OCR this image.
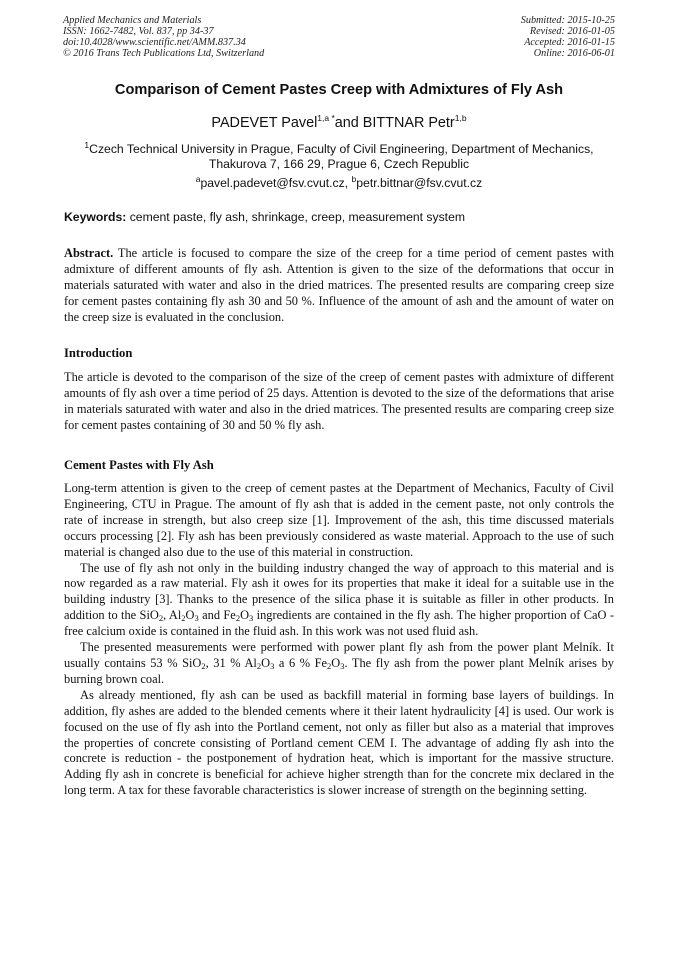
Applied Mechanics and Materials
ISSN: 1662-7482, Vol. 837, pp 34-37
doi:10.4028/www.scientific.net/AMM.837.34
© 2016 Trans Tech Publications Ltd, Switzerland
Submitted: 2015-10-25
Revised: 2016-01-05
Accepted: 2016-01-15
Online: 2016-06-01
Comparison of Cement Pastes Creep with Admixtures of Fly Ash
PADEVET Pavel$^{1,a *}$and BITTNAR Petr$^{1,b}$
$^1$Czech Technical University in Prague, Faculty of Civil Engineering, Department of Mechanics,
Thakurova 7, 166 29, Prague 6, Czech Republic
$^a$pavel.padevet@fsv.cvut.cz, $^b$petr.bittnar@fsv.cvut.cz
Keywords: cement paste, fly ash, shrinkage, creep, measurement system
Abstract. The article is focused to compare the size of the creep for a time period of cement pastes with admixture of different amounts of fly ash. Attention is given to the size of the deformations that occur in materials saturated with water and also in the dried matrices. The presented results are comparing creep size for cement pastes containing fly ash 30 and 50 %. Influence of the amount of ash and the amount of water on the creep size is evaluated in the conclusion.
Introduction
The article is devoted to the comparison of the size of the creep of cement pastes with admixture of different amounts of fly ash over a time period of 25 days. Attention is devoted to the size of the deformations that arise in materials saturated with water and also in the dried matrices. The presented results are comparing creep size for cement pastes containing of 30 and 50 % fly ash.
Cement Pastes with Fly Ash

Long-term attention is given to the creep of cement pastes at the Department of Mechanics, Faculty of Civil Engineering, CTU in Prague. The amount of fly ash that is added in the cement paste, not only controls the rate of increase in strength, but also creep size [1]. Improvement of the ash, this time discussed materials occurs processing [2]. Fly ash has been previously considered as waste material. Approach to the use of such material is changed also due to the use of this material in construction.

The use of fly ash not only in the building industry changed the way of approach to this material and is now regarded as a raw material. Fly ash it owes for its properties that make it ideal for a suitable use in the building industry [3]. Thanks to the presence of the silica phase it is suitable as filler in other products. In addition to the SiO$_2$, $Al_2O_3$ and $Fe_2O_3$ ingredients are contained in the fly ash. The higher proportion of CaO - free calcium oxide is contained in the fluid ash. In this work was not used fluid ash.

The presented measurements were performed with power plant fly ash from the power plant Melník. It usually contains 53 % SiO$_2$, 31 % $Al_2O_3$ a 6 % $Fe_2O_3$. The fly ash from the power plant Melník arises by burning brown coal.

As already mentioned, fly ash can be used as backfill material in forming base layers of buildings. In addition, fly ashes are added to the blended cements where it their latent hydraulicity [4] is used. Our work is focused on the use of fly ash into the Portland cement, not only as filler but also as a material that improves the properties of concrete consisting of Portland cement CEM I. The advantage of adding fly ash into the concrete is reduction - the postponement of hydration heat, which is important for the massive structure. Adding fly ash in concrete is beneficial for achieve higher strength than for the concrete mix declared in the long term. A tax for these favorable characteristics is slower increase of strength on the beginning setting.
